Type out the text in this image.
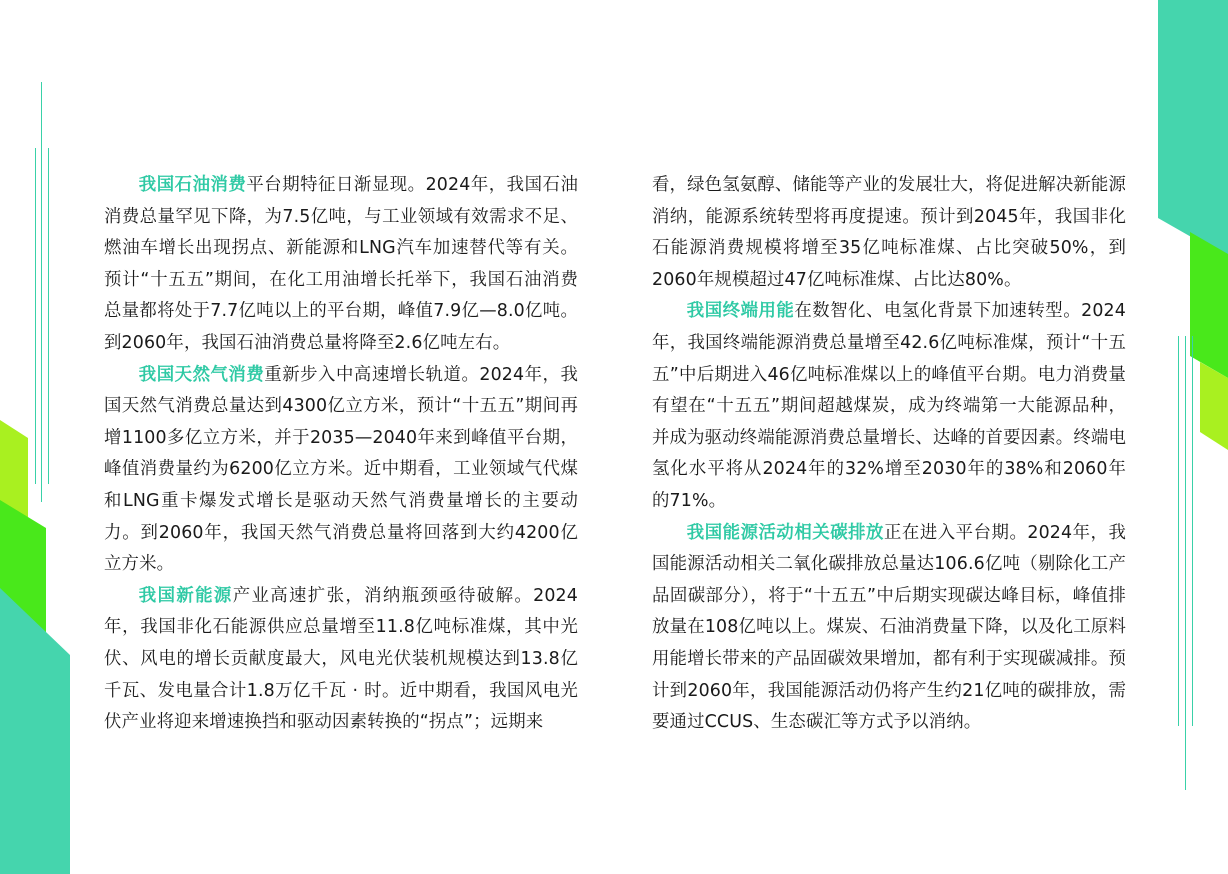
我国石油消费平台期特征日渐显现。2024年，我国石油消费总量罕见下降，为7.5亿吨，与工业领域有效需求不足、燃油车增长出现拐点、新能源和LNG汽车加速替代等有关。预计“十五五”期间，在化工用油增长托举下，我国石油消费总量都将处于7.7亿吨以上的平台期，峰值7.9亿—8.0亿吨。到2060年，我国石油消费总量将降至2.6亿吨左右。

我国天然气消费重新步入中高速增长轨道。2024年，我国天然气消费总量达到4300亿立方米，预计“十五五”期间再增1100多亿立方米，并于2035—2040年来到峰值平台期，峰值消费量约为6200亿立方米。近中期看，工业领域气代煤和LNG重卡爆发式增长是驱动天然气消费量增长的主要动力。到2060年，我国天然气消费总量将回落到大约4200亿立方米。

我国新能源产业高速扩张，消纳瓶颈亟待破解。2024年，我国非化石能源供应总量增至11.8亿吨标准煤，其中光伏、风电的增长贡献度最大，风电光伏装机规模达到13.8亿千瓦、发电量合计1.8万亿千瓦 · 时。近中期看，我国风电光伏产业将迎来增速换挡和驱动因素转换的“拐点”；远期来

看，绿色氢氨醇、储能等产业的发展壮大，将促进解决新能源消纳，能源系统转型将再度提速。预计到2045年，我国非化石能源消费规模将增至35亿吨标准煤、占比突破50%，到2060年规模超过47亿吨标准煤、占比达80%。

我国终端用能在数智化、电氢化背景下加速转型。2024年，我国终端能源消费总量增至42.6亿吨标准煤，预计“十五五”中后期进入46亿吨标准煤以上的峰值平台期。电力消费量有望在“十五五”期间超越煤炭，成为终端第一大能源品种，并成为驱动终端能源消费总量增长、达峰的首要因素。终端电氢化水平将从2024年的32%增至2030年的38%和2060年的71%。

我国能源活动相关碳排放正在进入平台期。2024年，我国能源活动相关二氧化碳排放总量达106.6亿吨（剔除化工产品固碳部分），将于“十五五”中后期实现碳达峰目标，峰值排放量在108亿吨以上。煤炭、石油消费量下降，以及化工原料用能增长带来的产品固碳效果增加，都有利于实现碳减排。预计到2060年，我国能源活动仍将产生约21亿吨的碳排放，需要通过CCUS、生态碳汇等方式予以消纳。
